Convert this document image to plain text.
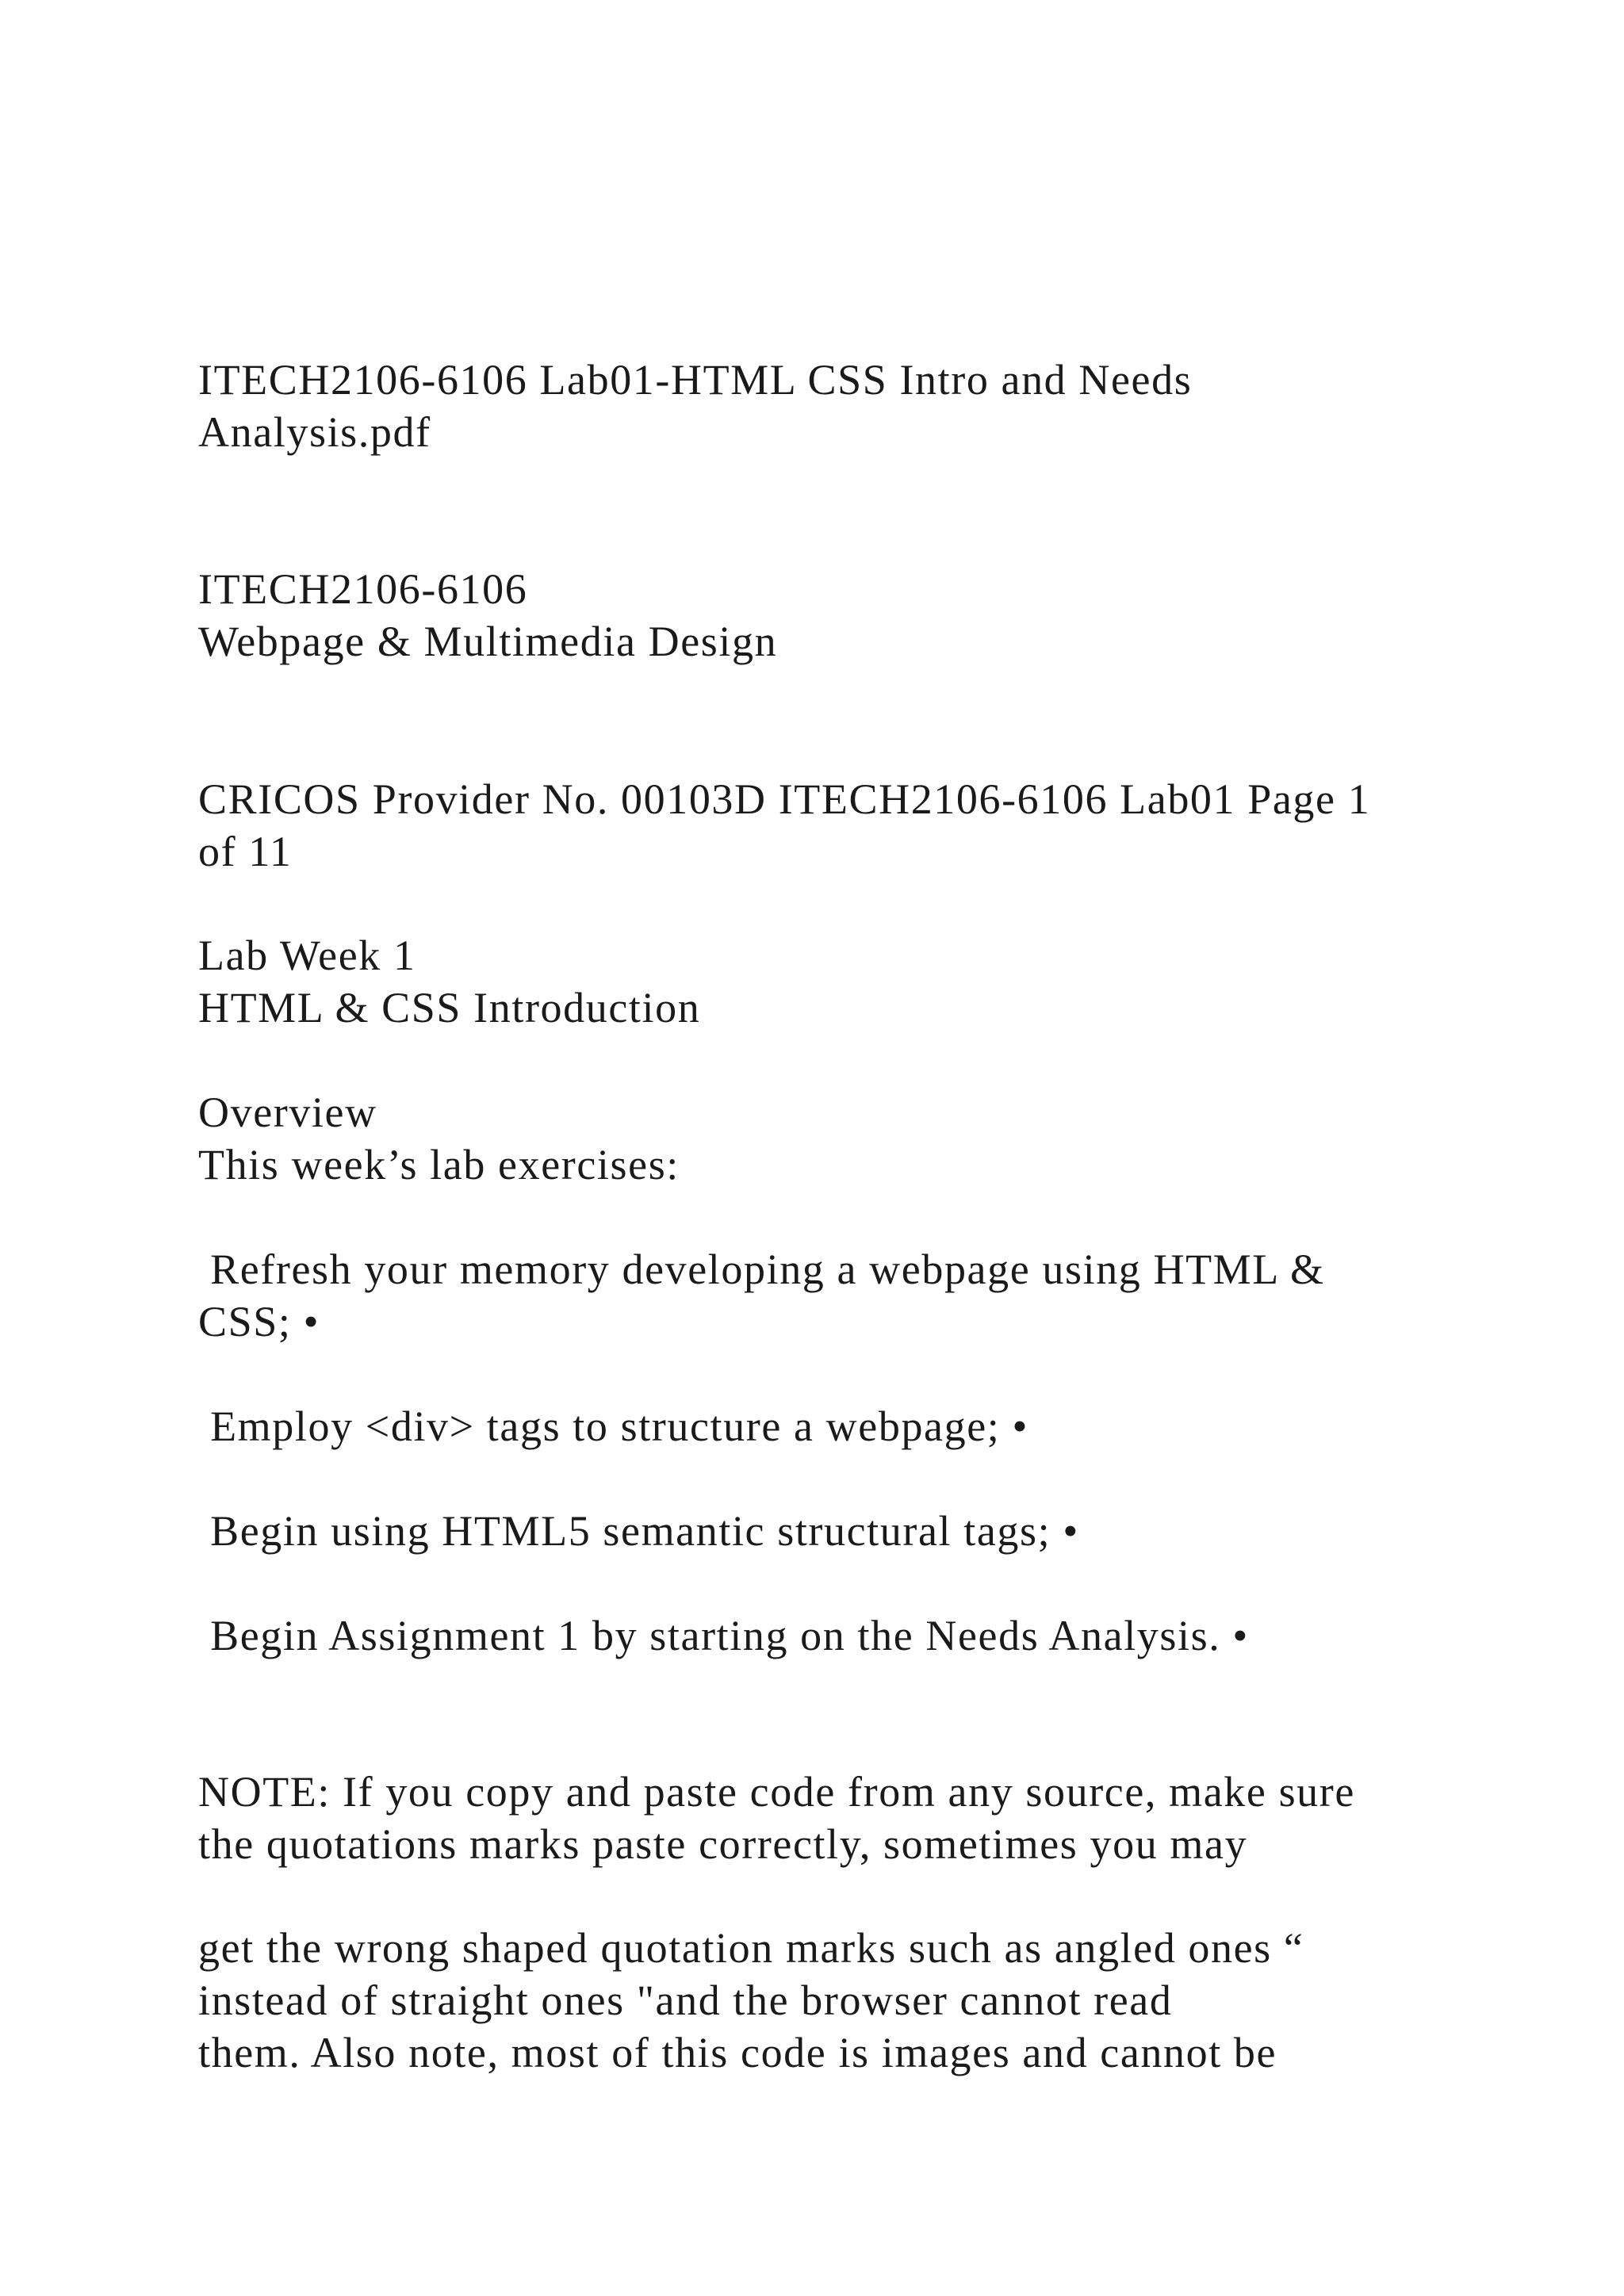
ITECH2106-6106 Lab01-HTML CSS Intro and Needs

Analysis.pdf

ITECH2106-6106

Webpage & Multimedia Design

CRICOS Provider No. 00103D ITECH2106-6106 Lab01 Page 1

of 11

Lab Week 1

HTML & CSS Introduction

Overview

This week’s lab exercises:

Refresh your memory developing a webpage using HTML &

CSS; •

Employ <div> tags to structure a webpage; •

Begin using HTML5 semantic structural tags; •

Begin Assignment 1 by starting on the Needs Analysis. •

NOTE: If you copy and paste code from any source, make sure

the quotations marks paste correctly, sometimes you may

get the wrong shaped quotation marks such as angled ones “

instead of straight ones "and the browser cannot read

them. Also note, most of this code is images and cannot be
